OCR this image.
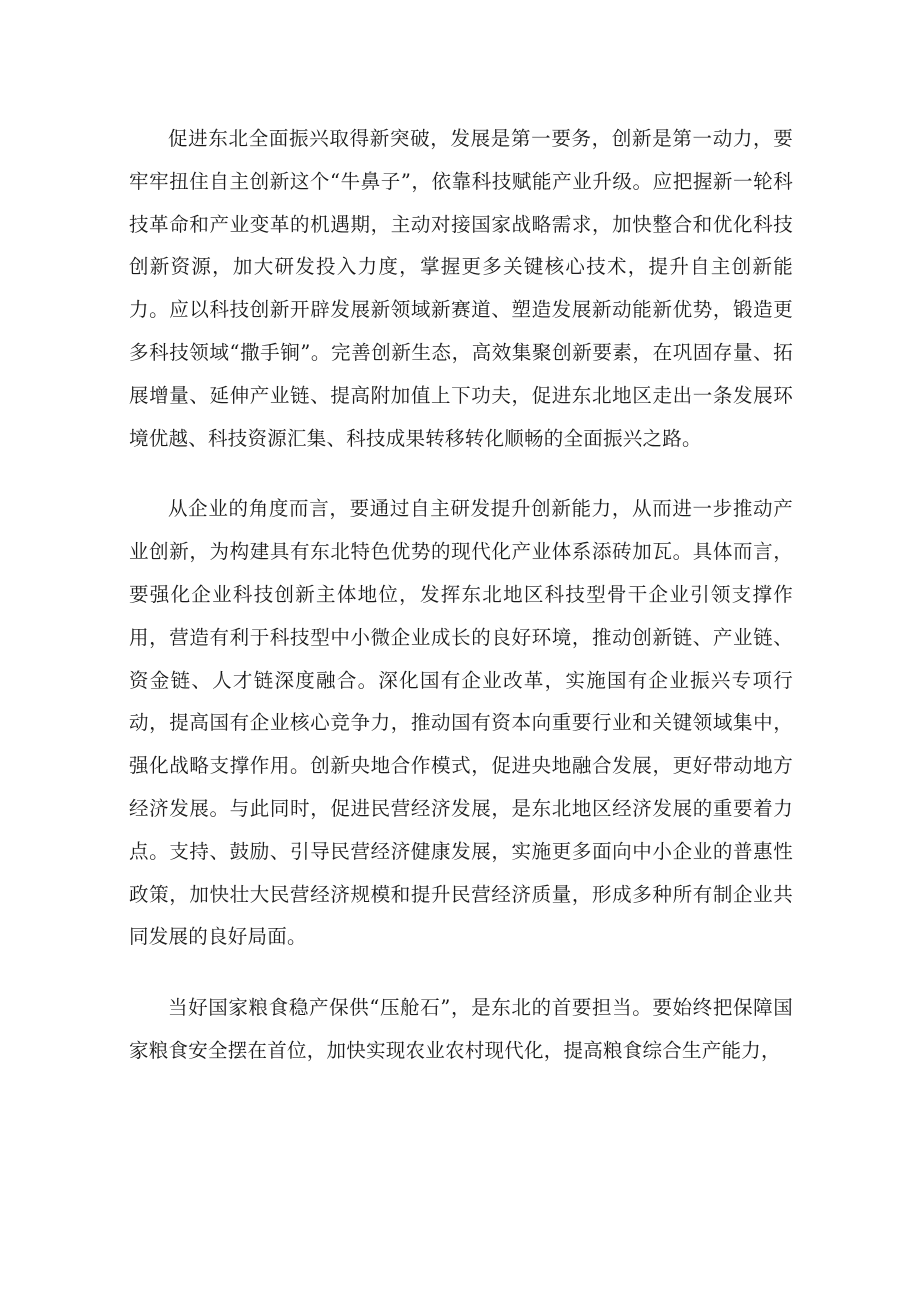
促进东北全面振兴取得新突破，发展是第一要务，创新是第一动力，要牢牢扭住自主创新这个“牛鼻子”，依靠科技赋能产业升级。应把握新一轮科技革命和产业变革的机遇期，主动对接国家战略需求，加快整合和优化科技创新资源，加大研发投入力度，掌握更多关键核心技术，提升自主创新能力。应以科技创新开辟发展新领域新赛道、塑造发展新动能新优势，锻造更多科技领域“撒手锏”。完善创新生态，高效集聚创新要素，在巩固存量、拓展增量、延伸产业链、提高附加值上下功夫，促进东北地区走出一条发展环境优越、科技资源汇集、科技成果转移转化顺畅的全面振兴之路。

从企业的角度而言，要通过自主研发提升创新能力，从而进一步推动产业创新，为构建具有东北特色优势的现代化产业体系添砖加瓦。具体而言，要强化企业科技创新主体地位，发挥东北地区科技型骨干企业引领支撑作用，营造有利于科技型中小微企业成长的良好环境，推动创新链、产业链、资金链、人才链深度融合。深化国有企业改革，实施国有企业振兴专项行动，提高国有企业核心竞争力，推动国有资本向重要行业和关键领域集中，强化战略支撑作用。创新央地合作模式，促进央地融合发展，更好带动地方经济发展。与此同时，促进民营经济发展，是东北地区经济发展的重要着力点。支持、鼓励、引导民营经济健康发展，实施更多面向中小企业的普惠性政策，加快壮大民营经济规模和提升民营经济质量，形成多种所有制企业共同发展的良好局面。

当好国家粮食稳产保供“压舱石”，是东北的首要担当。要始终把保障国家粮食安全摆在首位，加快实现农业农村现代化，提高粮食综合生产能力，
